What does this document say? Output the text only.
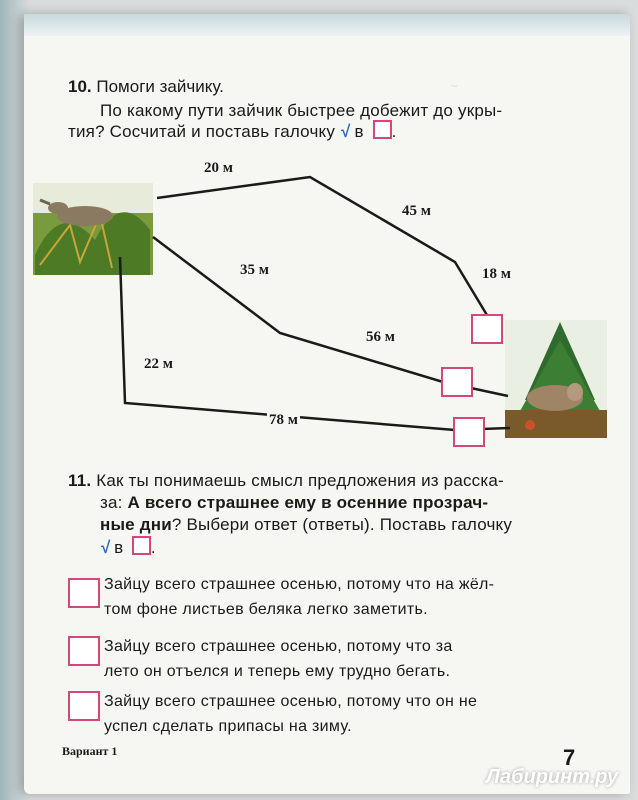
~
10. Помоги зайчику.
По какому пути зайчик быстрее добежит до укры-
тия? Сосчитай и поставь галочку √ в .
20 м
45 м
18 м
35 м
56 м
22 м
78 м
11. Как ты понимаешь смысл предложения из расска-
за: А всего страшнее ему в осенние прозрач-
ные дни? Выбери ответ (ответы). Поставь галочку
√ в .
Зайцу всего страшнее осенью, потому что на жёл-
том фоне листьев беляка легко заметить.
Зайцу всего страшнее осенью, потому что за
лето он отъелся и теперь ему трудно бегать.
Зайцу всего страшнее осенью, потому что он не
успел сделать припасы на зиму.
Вариант 1	7
Лабиринт.ру
